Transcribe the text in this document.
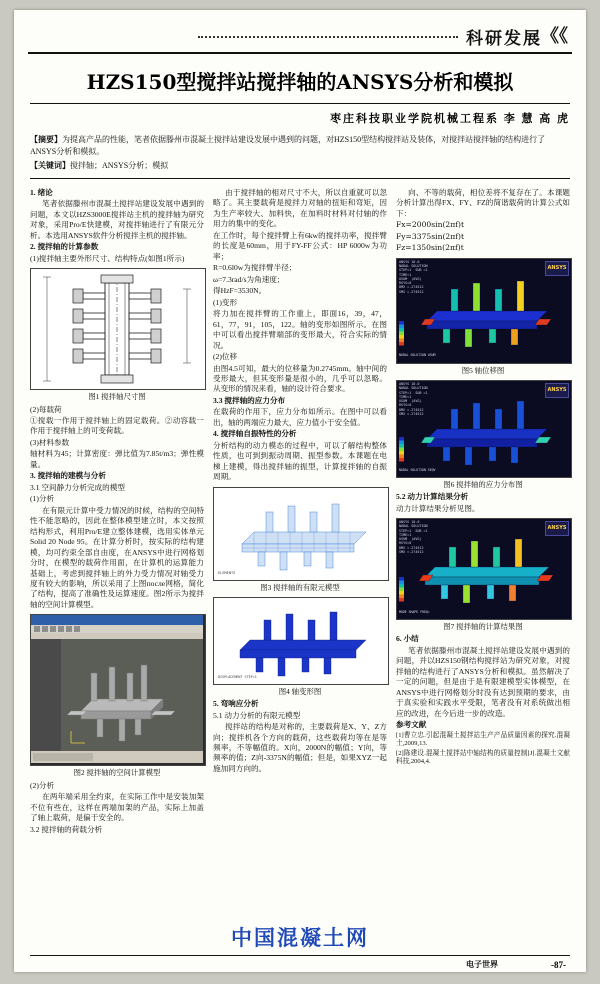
科研发展 《《
HZS150型搅拌站搅拌轴的ANSYS分析和模拟
枣庄科技职业学院机械工程系 李 慧 高 虎
【摘要】为提高产品的性能，笔者依据滕州市混凝土搅拌站建设发展中遇到的问题，对HZS150型结构搅拌站及装体，对搅拌站搅拌轴的结构进行了ANSYS分析和模拟。
【关键词】搅拌轴；ANSYS分析；模拟

1. 绪论

笔者依据滕州市混凝土搅拌站建设发展中遇到的问题，本文以HZS3000E搅拌站主机的搅拌轴为研究对象，采用Pro/E快建模，对搅拌轴进行了有限元分析。本选用ANSYS软件分析搅拌主机的搅拌轴。

2. 搅拌轴的计算参数

(1)搅拌轴主要外形尺寸、结构特点(如图1所示)

图1 搅拌轴尺寸图

(2)每载荷

①搅载一作用于搅拌轴上的固定载荷。②动容载一作用于搅拌轴上的可变荷载。

(3)材料参数

轴材料为45；计算密度：弹比值为7.85t/m3；弹性模量。

3. 搅拌轴的建模与分析

3.1 空间静力分析完成的模型

(1)分析

在有限元计算中受力情况的时候，结构的空间特性不能忽略的，因此在整体模型建立时，本文按照结构形式，利用Pro/E建立整体建模，选用实体单元Solid 20 Node 95。在计算分析时，按实际的结构建模，均可约束全部自由度，在ANSYS中进行网格划分时，在模型的载荷作用面，在计算机的运算能力基础上，考虑到搅拌轴上的外力受力情况对轴受力度有较大的影响，所以采用了上图после网格，简化了结构，提高了准确性及运算速度。图2所示为搅拌轴的空间计算模型。

图2 搅拌轴的空间计算模型

(2)分析

在两年端采用全约束，在实际工作中是安装加架不位有些在，这样在两端加架的产品，实际上加盖了轴上载荷，是偏于安全的。

3.2 搅拌轴的荷载分析

由于搅拌轴的相对尺寸不大，所以自重就可以忽略了。其主要载荷是搅拌力对轴的扭矩和弯矩，因为生产率较大、加料快，在加料时材料对付轴的作用力的集中的变化。

在工作时，每个搅拌臂上有6kw的搅拌功率，搅拌臂的长度是60mm，用于FY-FF公式：HP 6000w为功率；

R=0.6l0w为搅拌臂半径；

ω=7.3rad/s为角速度；

得HzF=3530N。

(1)变形

将力加在搅拌臂的工作重上，即面16，39，47，61，77，91，105，122。轴的变形如图所示。在图中可以看出搅拌臂端部的变形最大，符合实际的情况。

(2)位移

由图4.5可知，最大的位移量为0.2745mm。轴中间的受形最大，但其变形量是很小的，几乎可以忽略。从变形的情况来看，轴的设计符合要求。

3.3 搅拌轴的应力分布

在载荷的作用下，应力分布如所示。在图中可以看出，轴的两端应力最大，应力值小于安全值。

4. 搅拌轴自振特性的分析

分析结构的动力模态的过程中，可以了解结构整体性质，也可到到振动周期、振型参数。本课题在电梯上建模，得出搅拌轴的振型，计算搅拌轴的自振周期。

ELEMENTS
图3 搅拌轴的有限元模型
DISPLACEMENT STEP=1
图4 轴变形图

5. 弯响应分析

5.1 动力分析的有限元模型

搅拌站的结构是对称的，主要载荷是X、Y、Z方向；搅拌机各个方向的载荷，这些载荷均等在是等频率，不等幅值的。X向，2000N的幅值；Y向，等频率的值；Z向-3375N的幅值；但是，如果XYZ一起施加同方向的。

向、不等的载荷，相位差将不复存在了。本课题分析计算出得FX、FY、FZ的简谐载荷的计算公式如下：

Fx=2000sin(2πf)t

Fy=3375sin(2πf)t

Fz=1350sin(2πf)t

ANSYS 10.0
NODAL SOLUTION
STEP=1  SUB =1
TIME=1
USUM  (AVG)
RSYS=0
DMX =.274512
SMX =.274512
ANSYS
NODAL SOLUTION USUM
图5 轴位移图
ANSYS 10.0
NODAL SOLUTION
STEP=1  SUB =1
TIME=1
USUM  (AVG)
RSYS=0
DMX =.274512
SMX =.274512
ANSYS
NODAL SOLUTION SEQV
图6 搅拌轴的应力分布图

5.2 动力计算结果分析

动力计算结果分析见图。

ANSYS 10.0
NODAL SOLUTION
STEP=1  SUB =1
TIME=1
USUM  (AVG)
RSYS=0
DMX =.274512
SMX =.274512
ANSYS
MODE SHAPE FREQ=
图7 搅拌轴的计算结果图

6. 小结

笔者依据滕州市混凝土搅拌站建设发展中遇到的问题，并以HZS150钢结构搅拌站为研究对象，对搅拌轴的结构进行了ANSYS分析和模拟。虽然解决了一定的问题，但是由于是有限建模型实体模型，在ANSYS中进行网格划分时没有达到预期的要求，由于真实验和实践水平受限，笔者没有对系统做出相应的改进，在今后进一步的改造。

参考文献

[1]曹立忠.引起混凝土搅拌站生产产品质量因素的探究.混凝土,2009,13.

[2]陈建设.混凝土搅拌站中轴结构的质量控制[J].混凝土文献科技,2004,4.

中国混凝土网
电子世界	-87-
